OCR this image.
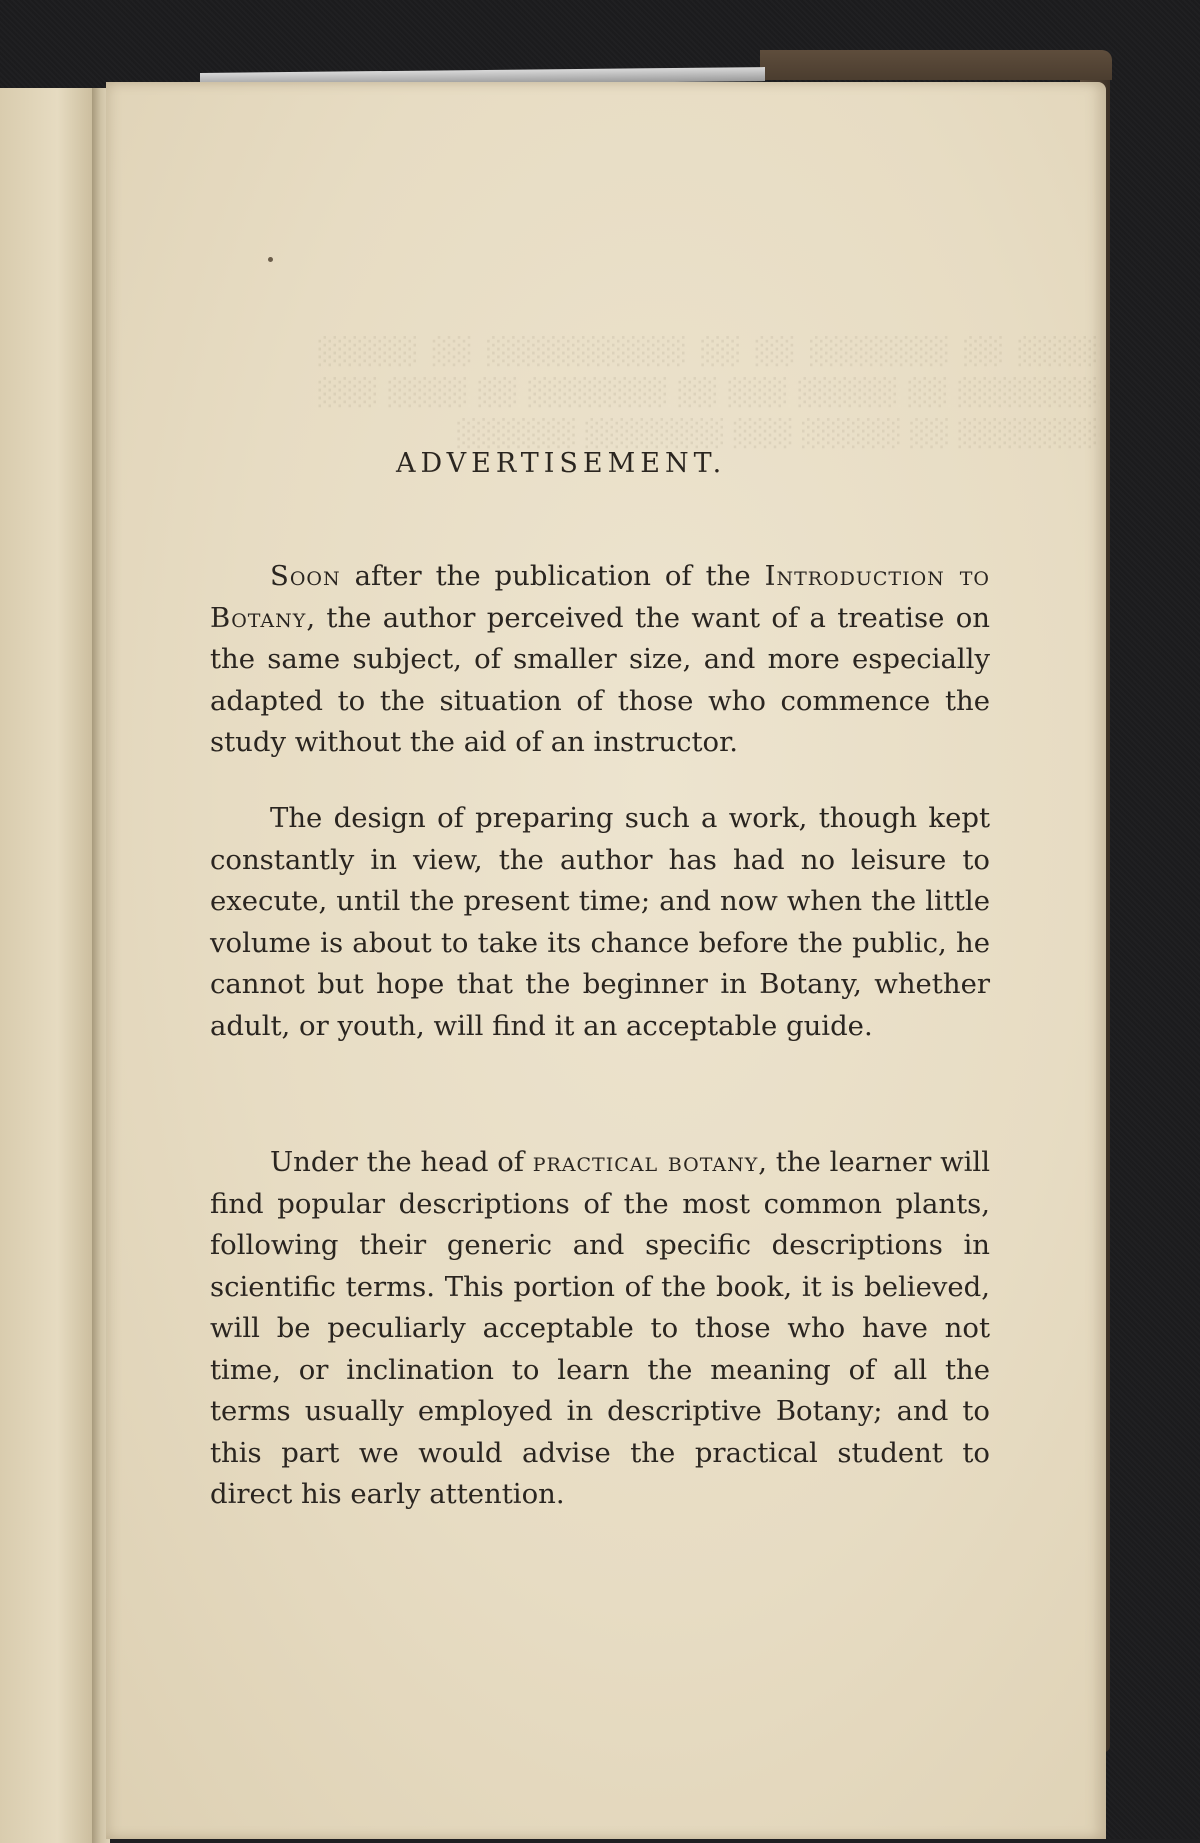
░░░░ ░░ ░░░░░░░ ░░ ░░ ░░░░░░░░░░ ░░ ░░░░░ ░░░░░░░ ░░ ░░░░░ ░░░ ░░ ░░░░░░░ ░░ ░░░░ ░░░ ░░░░░░░ ░░ ░░░░░ ░░░ ░░░░░░░ ░░░░░░
ADVERTISEMENT.
Soon after the publication of the Introduction to Botany, the author perceived the want of a treatise on the same subject, of smaller size, and more especially adapted to the situation of those who commence the study without the aid of an instructor.
The design of preparing such a work, though kept constantly in view, the author has had no leisure to execute, until the present time; and now when the little volume is about to take its chance before the public, he cannot but hope that the beginner in Botany, whether adult, or youth, will find it an acceptable guide.
Under the head of practical botany, the learner will find popular descriptions of the most common plants, following their generic and specific descriptions in scientific terms. This portion of the book, it is believed, will be peculiarly acceptable to those who have not time, or inclination to learn the meaning of all the terms usually employed in descriptive Botany; and to this part we would advise the practical student to direct his early attention.
